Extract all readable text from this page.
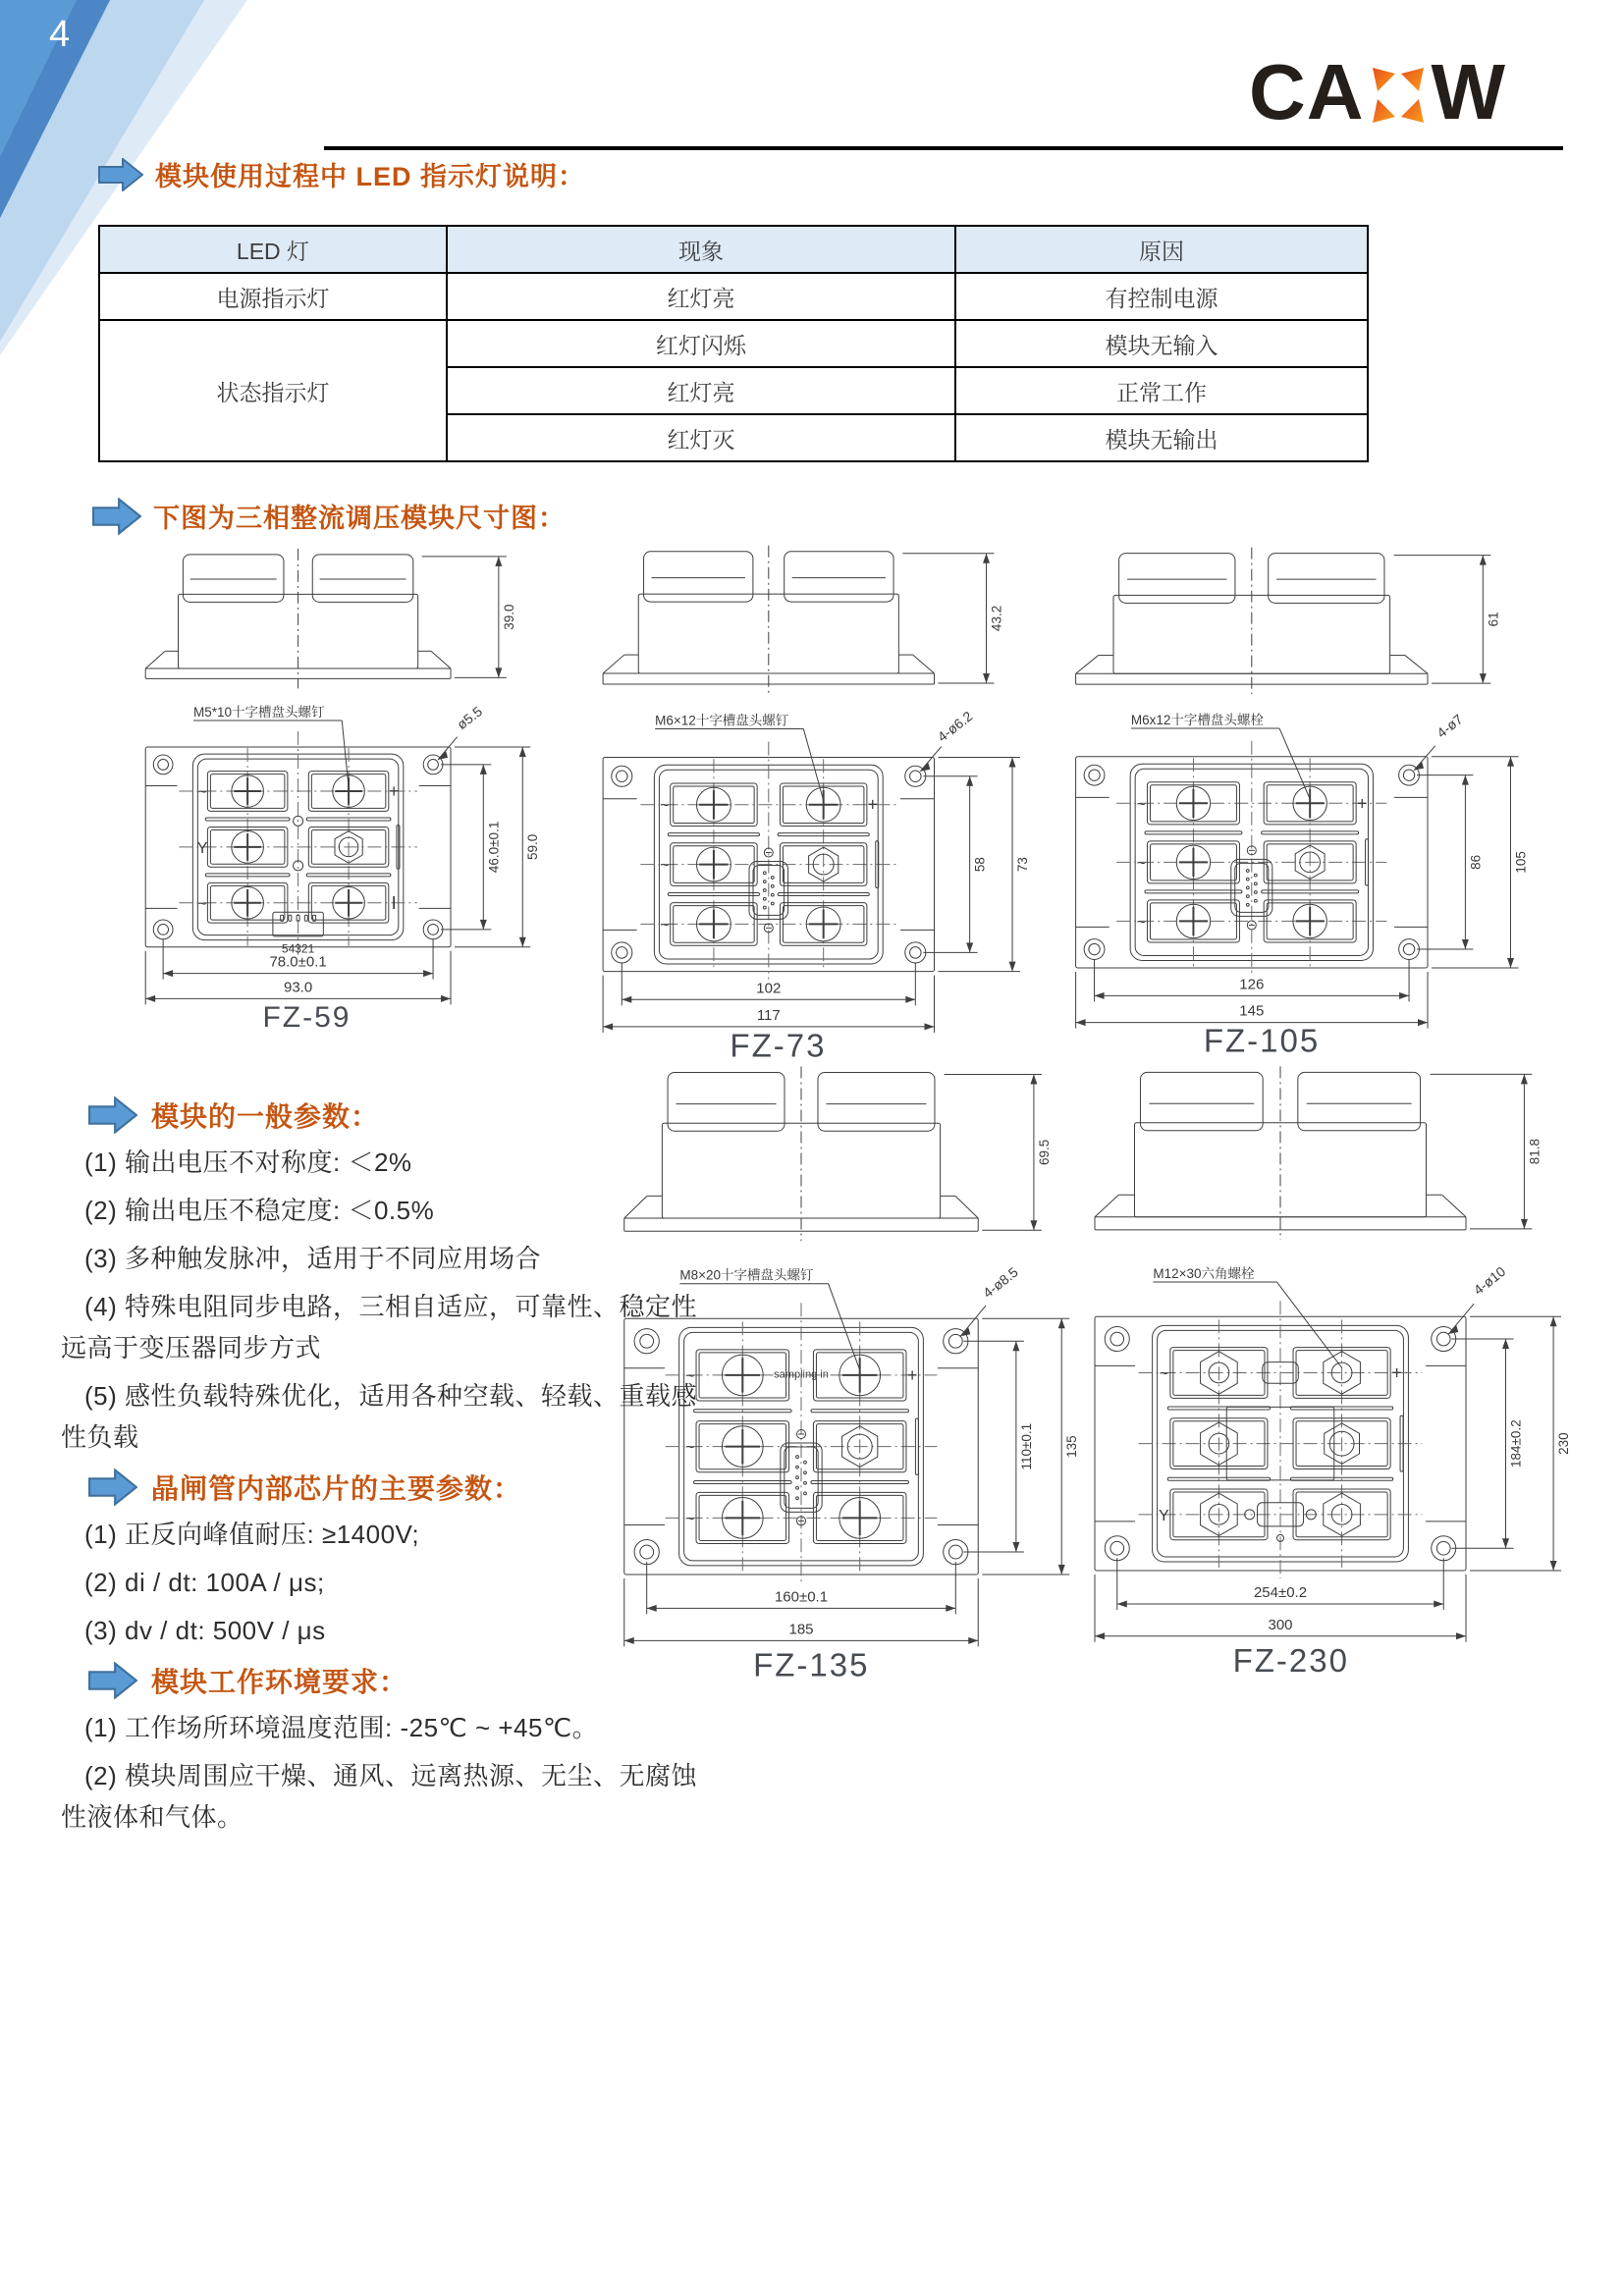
4
CA W
模块使用过程中 LED 指示灯说明：
LED 灯	现象	原因
电源指示灯	红灯亮	有控制电源
状态指示灯	红灯闪烁	模块无输入
	红灯亮	正常工作
	红灯灭	模块无输出
下图为三相整流调压模块尺寸图：
39.0
~
Y
~
+
I
54321
M5*10十字槽盘头螺钉	ø5.5
46.0±0.1 59.0
78.0±0.1
93.0
FZ-59
43.2
~
~
~
+
M6×12十字槽盘头螺钉	4-ø6.2
58 73
102
117
FZ-73
61
~
~
~
+
M6x12十字槽盘头螺栓	4-ø7
86 105
126
145
FZ-105
69.5
~
~
~
+
sampling in
M8×20十字槽盘头螺钉	4-ø8.5
110±0.1 135
160±0.1
185
FZ-135
81.8
~
Y
+
M12×30六角螺栓	4-ø10
184±0.2 230
254±0.2
300
FZ-230
模块的一般参数：

(1) 输出电压不对称度: ＜2%

(2) 输出电压不稳定度: ＜0.5%

(3) 多种触发脉冲，适用于不同应用场合

(4) 特殊电阻同步电路，三相自适应，可靠性、稳定性远高于变压器同步方式

(5) 感性负载特殊优化，适用各种空载、轻载、重载感性负载

晶闸管内部芯片的主要参数：

(1) 正反向峰值耐压: ≥1400V;

(2) di / dt: 100A / μs;

(3) dv / dt: 500V / μs

模块工作环境要求：

(1) 工作场所环境温度范围: -25℃ ~ +45℃。

(2) 模块周围应干燥、通风、远离热源、无尘、无腐蚀性液体和气体。
